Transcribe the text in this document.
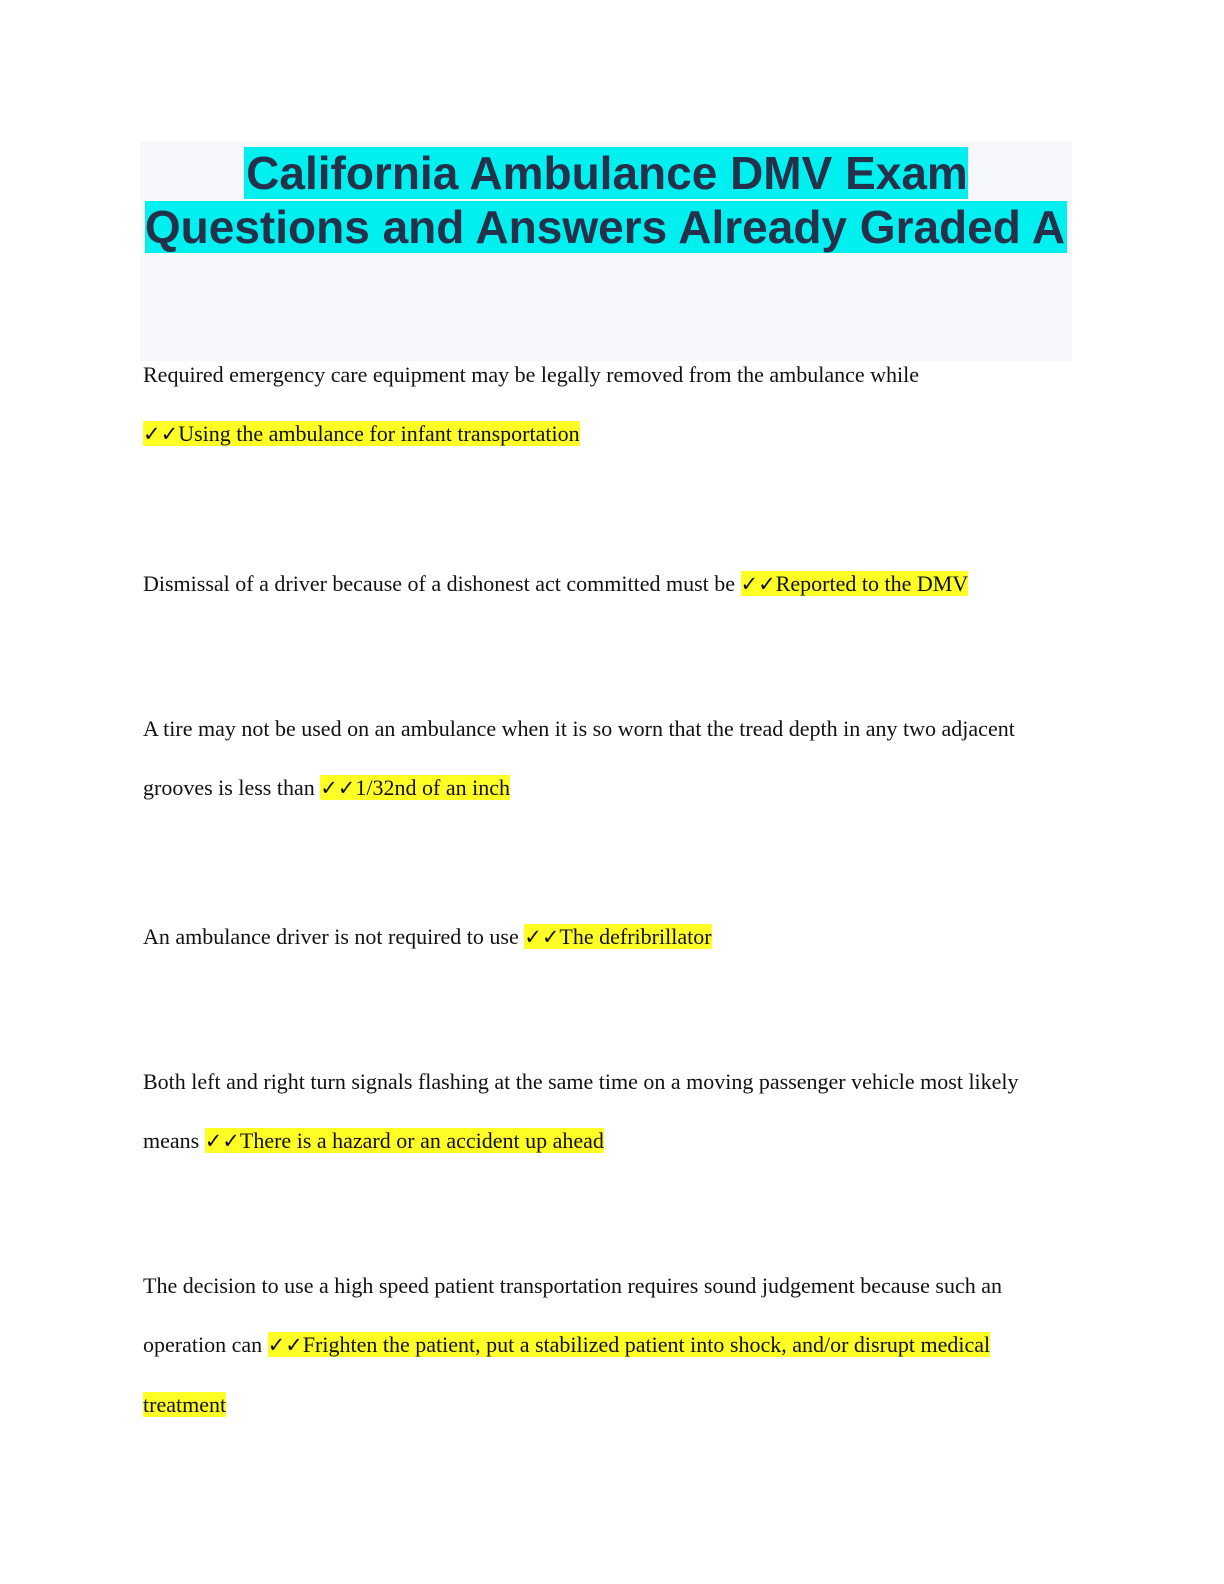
California Ambulance DMV Exam Questions and Answers Already Graded A

Required emergency care equipment may be legally removed from the ambulance while
✓✓Using the ambulance for infant transportation

Dismissal of a driver because of a dishonest act committed must be ✓✓Reported to the DMV

A tire may not be used on an ambulance when it is so worn that the tread depth in any two adjacent grooves is less than ✓✓1/32nd of an inch

An ambulance driver is not required to use ✓✓The defribrillator

Both left and right turn signals flashing at the same time on a moving passenger vehicle most likely means ✓✓There is a hazard or an accident up ahead

The decision to use a high speed patient transportation requires sound judgement because such an operation can ✓✓Frighten the patient, put a stabilized patient into shock, and/or disrupt medical treatment
